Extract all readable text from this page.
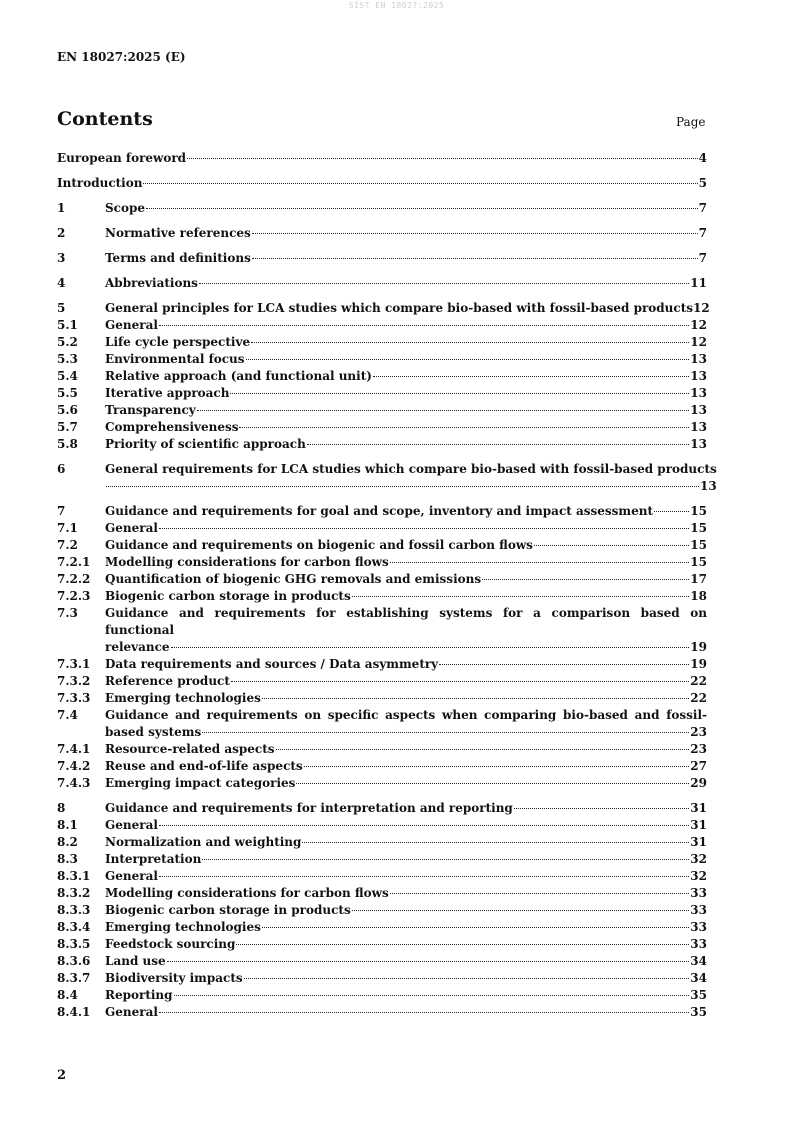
SIST EN 18027:2025
EN 18027:2025 (E)
Contents	Page
European foreword	4
Introduction	5
1	Scope	7
2	Normative references	7
3	Terms and definitions	7
4	Abbreviations	11
5	General principles for LCA studies which compare bio-based with fossil-based products 12
5.1	General	12
5.2	Life cycle perspective	12
5.3	Environmental focus	13
5.4	Relative approach (and functional unit)	13
5.5	Iterative approach	13
5.6	Transparency	13
5.7	Comprehensiveness	13
5.8	Priority of scientific approach	13
6	General requirements for LCA studies which compare bio-based with fossil-based products
13
7	Guidance and requirements for goal and scope, inventory and impact assessment	15
7.1	General	15
7.2	Guidance and requirements on biogenic and fossil carbon flows	15
7.2.1	Modelling considerations for carbon flows	15
7.2.2	Quantification of biogenic GHG removals and emissions	17
7.2.3	Biogenic carbon storage in products	18
7.3	Guidance and requirements for establishing systems for a comparison based on functional
relevance	19
7.3.1	Data requirements and sources / Data asymmetry	19
7.3.2	Reference product	22
7.3.3	Emerging technologies	22
7.4	Guidance and requirements on specific aspects when comparing bio-based and fossil-
based systems	23
7.4.1	Resource-related aspects	23
7.4.2	Reuse and end-of-life aspects	27
7.4.3	Emerging impact categories	29
8	Guidance and requirements for interpretation and reporting	31
8.1	General	31
8.2	Normalization and weighting	31
8.3	Interpretation	32
8.3.1	General	32
8.3.2	Modelling considerations for carbon flows	33
8.3.3	Biogenic carbon storage in products	33
8.3.4	Emerging technologies	33
8.3.5	Feedstock sourcing	33
8.3.6	Land use	34
8.3.7	Biodiversity impacts	34
8.4	Reporting	35
8.4.1	General	35
2
